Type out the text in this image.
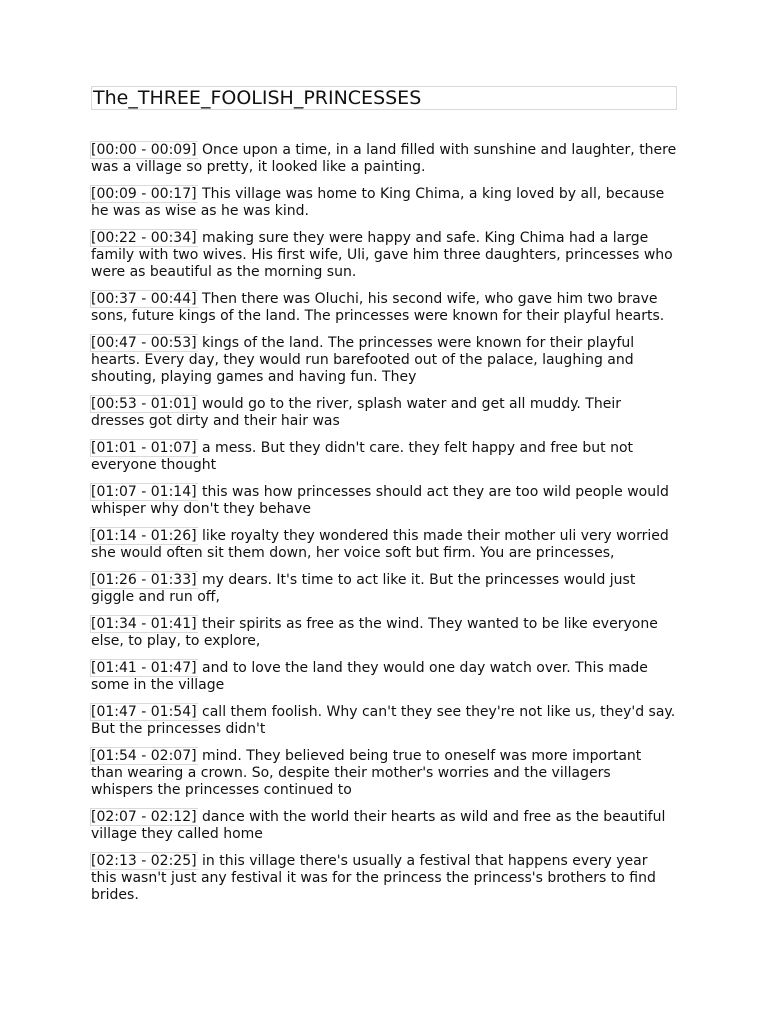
The_THREE_FOOLISH_PRINCESSES

[00:00 - 00:09] Once upon a time, in a land filled with sunshine and laughter, there was a village so pretty, it looked like a painting.

[00:09 - 00:17] This village was home to King Chima, a king loved by all, because he was as wise as he was kind.

[00:22 - 00:34] making sure they were happy and safe. King Chima had a large family with two wives. His first wife, Uli, gave him three daughters, princesses who were as beautiful as the morning sun.

[00:37 - 00:44] Then there was Oluchi, his second wife, who gave him two brave sons, future kings of the land. The princesses were known for their playful hearts.

[00:47 - 00:53] kings of the land. The princesses were known for their playful hearts. Every day, they would run barefooted out of the palace, laughing and shouting, playing games and having fun. They

[00:53 - 01:01] would go to the river, splash water and get all muddy. Their dresses got dirty and their hair was

[01:01 - 01:07] a mess. But they didn't care. they felt happy and free but not everyone thought

[01:07 - 01:14] this was how princesses should act they are too wild people would whisper why don't they behave

[01:14 - 01:26] like royalty they wondered this made their mother uli very worried she would often sit them down, her voice soft but firm. You are princesses,

[01:26 - 01:33] my dears. It's time to act like it. But the princesses would just giggle and run off,

[01:34 - 01:41] their spirits as free as the wind. They wanted to be like everyone else, to play, to explore,

[01:41 - 01:47] and to love the land they would one day watch over. This made some in the village

[01:47 - 01:54] call them foolish. Why can't they see they're not like us, they'd say. But the princesses didn't

[01:54 - 02:07] mind. They believed being true to oneself was more important than wearing a crown. So, despite their mother's worries and the villagers whispers the princesses continued to

[02:07 - 02:12] dance with the world their hearts as wild and free as the beautiful village they called home

[02:13 - 02:25] in this village there's usually a festival that happens every year this wasn't just any festival it was for the princess the princess's brothers to find brides.
